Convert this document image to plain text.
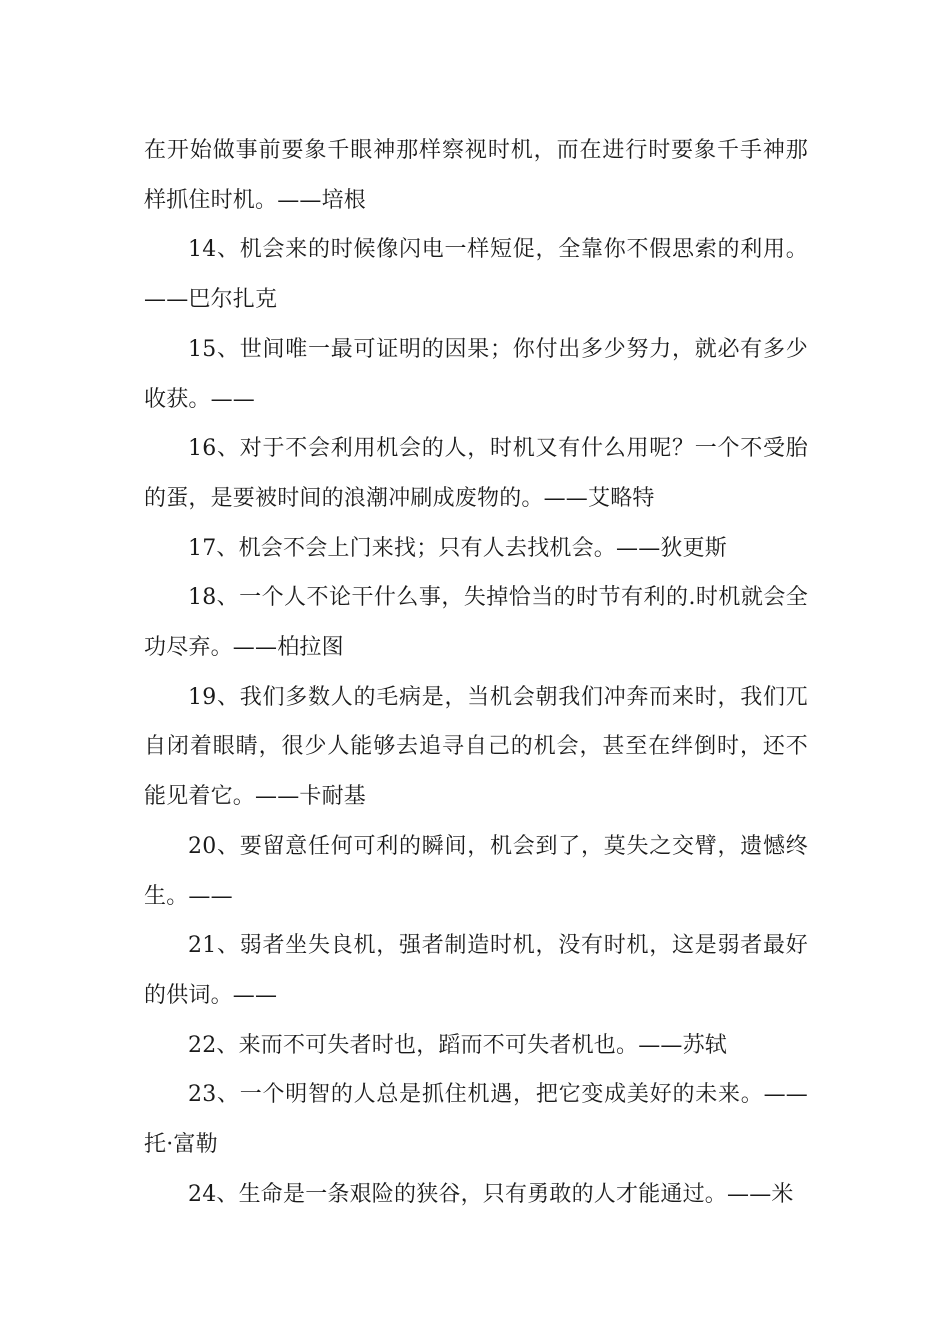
在开始做事前要象千眼神那样察视时机，而在进行时要象千手神那样抓住时机。——培根

14、机会来的时候像闪电一样短促，全靠你不假思索的利用。——巴尔扎克

15、世间唯一最可证明的因果；你付出多少努力，就必有多少收获。——

16、对于不会利用机会的人，时机又有什么用呢？一个不受胎的蛋，是要被时间的浪潮冲刷成废物的。——艾略特

17、机会不会上门来找；只有人去找机会。——狄更斯

18、一个人不论干什么事，失掉恰当的时节有利的.时机就会全功尽弃。——柏拉图

19、我们多数人的毛病是，当机会朝我们冲奔而来时，我们兀自闭着眼睛，很少人能够去追寻自己的机会，甚至在绊倒时，还不能见着它。——卡耐基

20、要留意任何可利的瞬间，机会到了，莫失之交臂，遗憾终生。——

21、弱者坐失良机，强者制造时机，没有时机，这是弱者最好的供词。——

22、来而不可失者时也，蹈而不可失者机也。——苏轼

23、一个明智的人总是抓住机遇，把它变成美好的未来。——托·富勒

24、生命是一条艰险的狭谷，只有勇敢的人才能通过。——米
